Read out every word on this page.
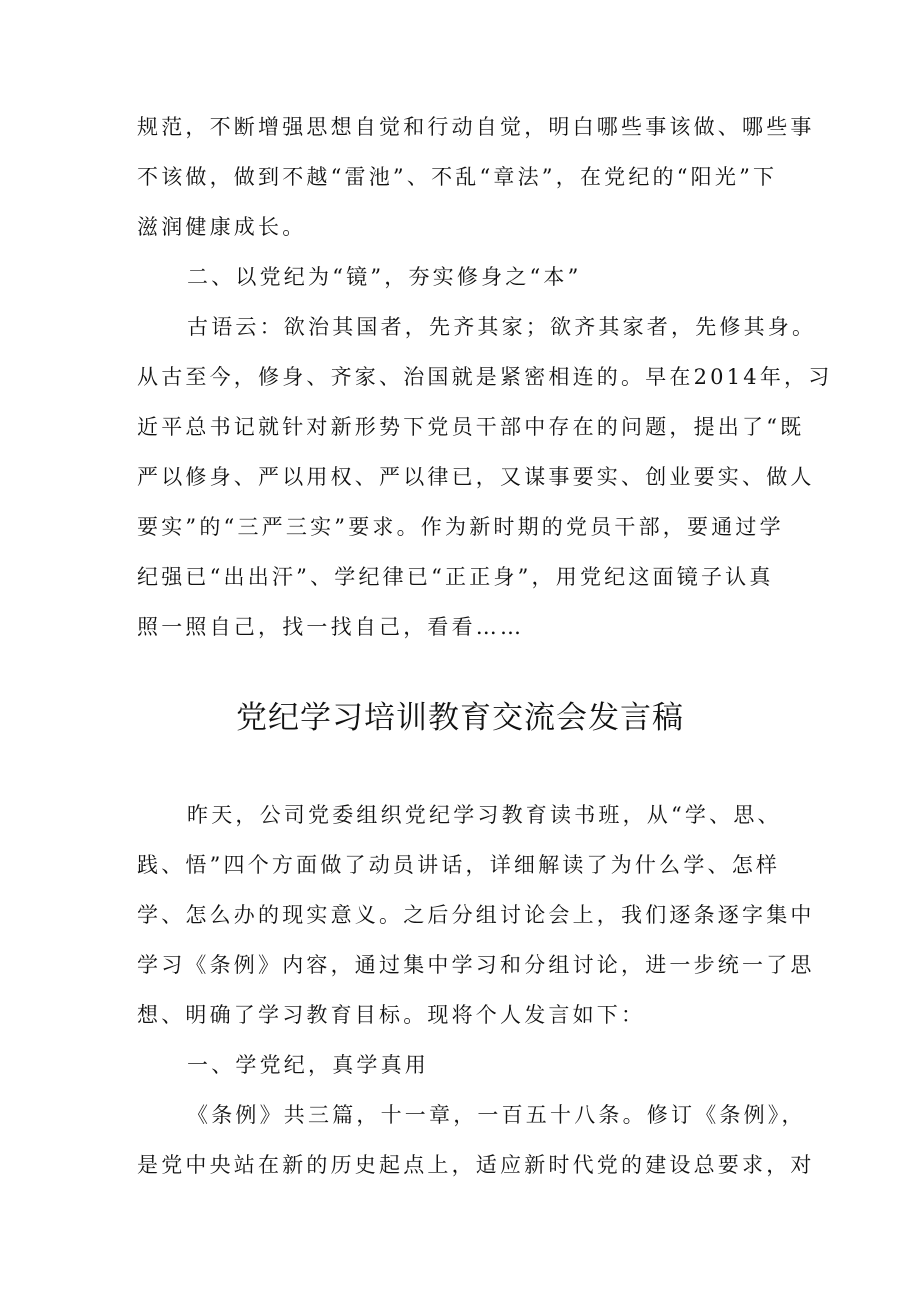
规范，不断增强思想自觉和行动自觉，明白哪些事该做、哪些事
不该做，做到不越“雷池”、不乱“章法”，在党纪的“阳光”下
滋润健康成长。
二、以党纪为“镜”，夯实修身之“本”
古语云：欲治其国者，先齐其家；欲齐其家者，先修其身。
从古至今，修身、齐家、治国就是紧密相连的。早在2014年，习
近平总书记就针对新形势下党员干部中存在的问题，提出了“既
严以修身、严以用权、严以律已，又谋事要实、创业要实、做人
要实”的“三严三实”要求。作为新时期的党员干部，要通过学
纪强已“出出汗”、学纪律已“正正身”，用党纪这面镜子认真
照一照自己，找一找自己，看看……
党纪学习培训教育交流会发言稿
昨天，公司党委组织党纪学习教育读书班，从“学、思、
践、悟”四个方面做了动员讲话，详细解读了为什么学、怎样
学、怎么办的现实意义。之后分组讨论会上，我们逐条逐字集中
学习《条例》内容，通过集中学习和分组讨论，进一步统一了思
想、明确了学习教育目标。现将个人发言如下：
一、学党纪，真学真用
《条例》共三篇，十一章，一百五十八条。修订《条例》，
是党中央站在新的历史起点上，适应新时代党的建设总要求，对
